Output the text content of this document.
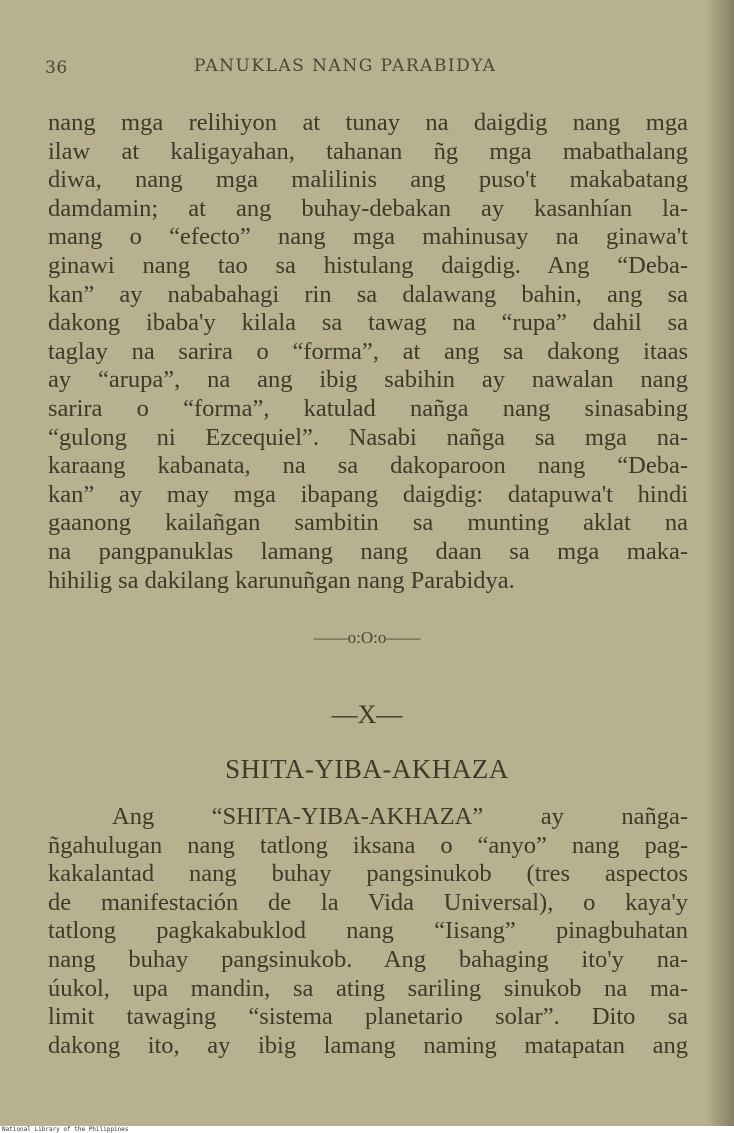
36	PANUKLAS NANG PARABIDYA

nang mga relihiyon at tunay na daigdig nang mga
ilaw at kaligayahan, tahanan ñg mga mabathalang
diwa, nang mga malilinis ang puso't makabatang
damdamin; at ang buhay-debakan ay kasanhían la-
mang o “efecto” nang mga mahinusay na ginawa't
ginawi nang tao sa histulang daigdig. Ang “Deba-
kan” ay nababahagi rin sa dalawang bahin, ang sa
dakong ibaba'y kilala sa tawag na “rupa” dahil sa
taglay na sarira o “forma”, at ang sa dakong itaas
ay “arupa”, na ang ibig sabihin ay nawalan nang
sarira o “forma”, katulad nañga nang sinasabing
“gulong ni Ezcequiel”. Nasabi nañga sa mga na-
karaang kabanata, na sa dakoparoon nang “Deba-
kan” ay may mga ibapang daigdig: datapuwa't hindi
gaanong kailañgan sambitin sa munting aklat na
na pangpanuklas lamang nang daan sa mga maka-
hihilig sa dakilang karunuñgan nang Parabidya.

——o:O:o——
—X—
SHITA-YIBA-AKHAZA

Ang “SHITA-YIBA-AKHAZA” ay nañga-
ñgahulugan nang tatlong iksana o “anyo” nang pag-
kakalantad nang buhay pangsinukob (tres aspectos
de manifestación de la Vida Universal), o kaya'y
tatlong pagkakabuklod nang “Iisang” pinagbuhatan
nang buhay pangsinukob. Ang bahaging ito'y na-
úukol, upa mandin, sa ating sariling sinukob na ma-
limit tawaging “sistema planetario solar”. Dito sa
dakong ito, ay ibig lamang naming matapatan ang

National Library of the Philippines
